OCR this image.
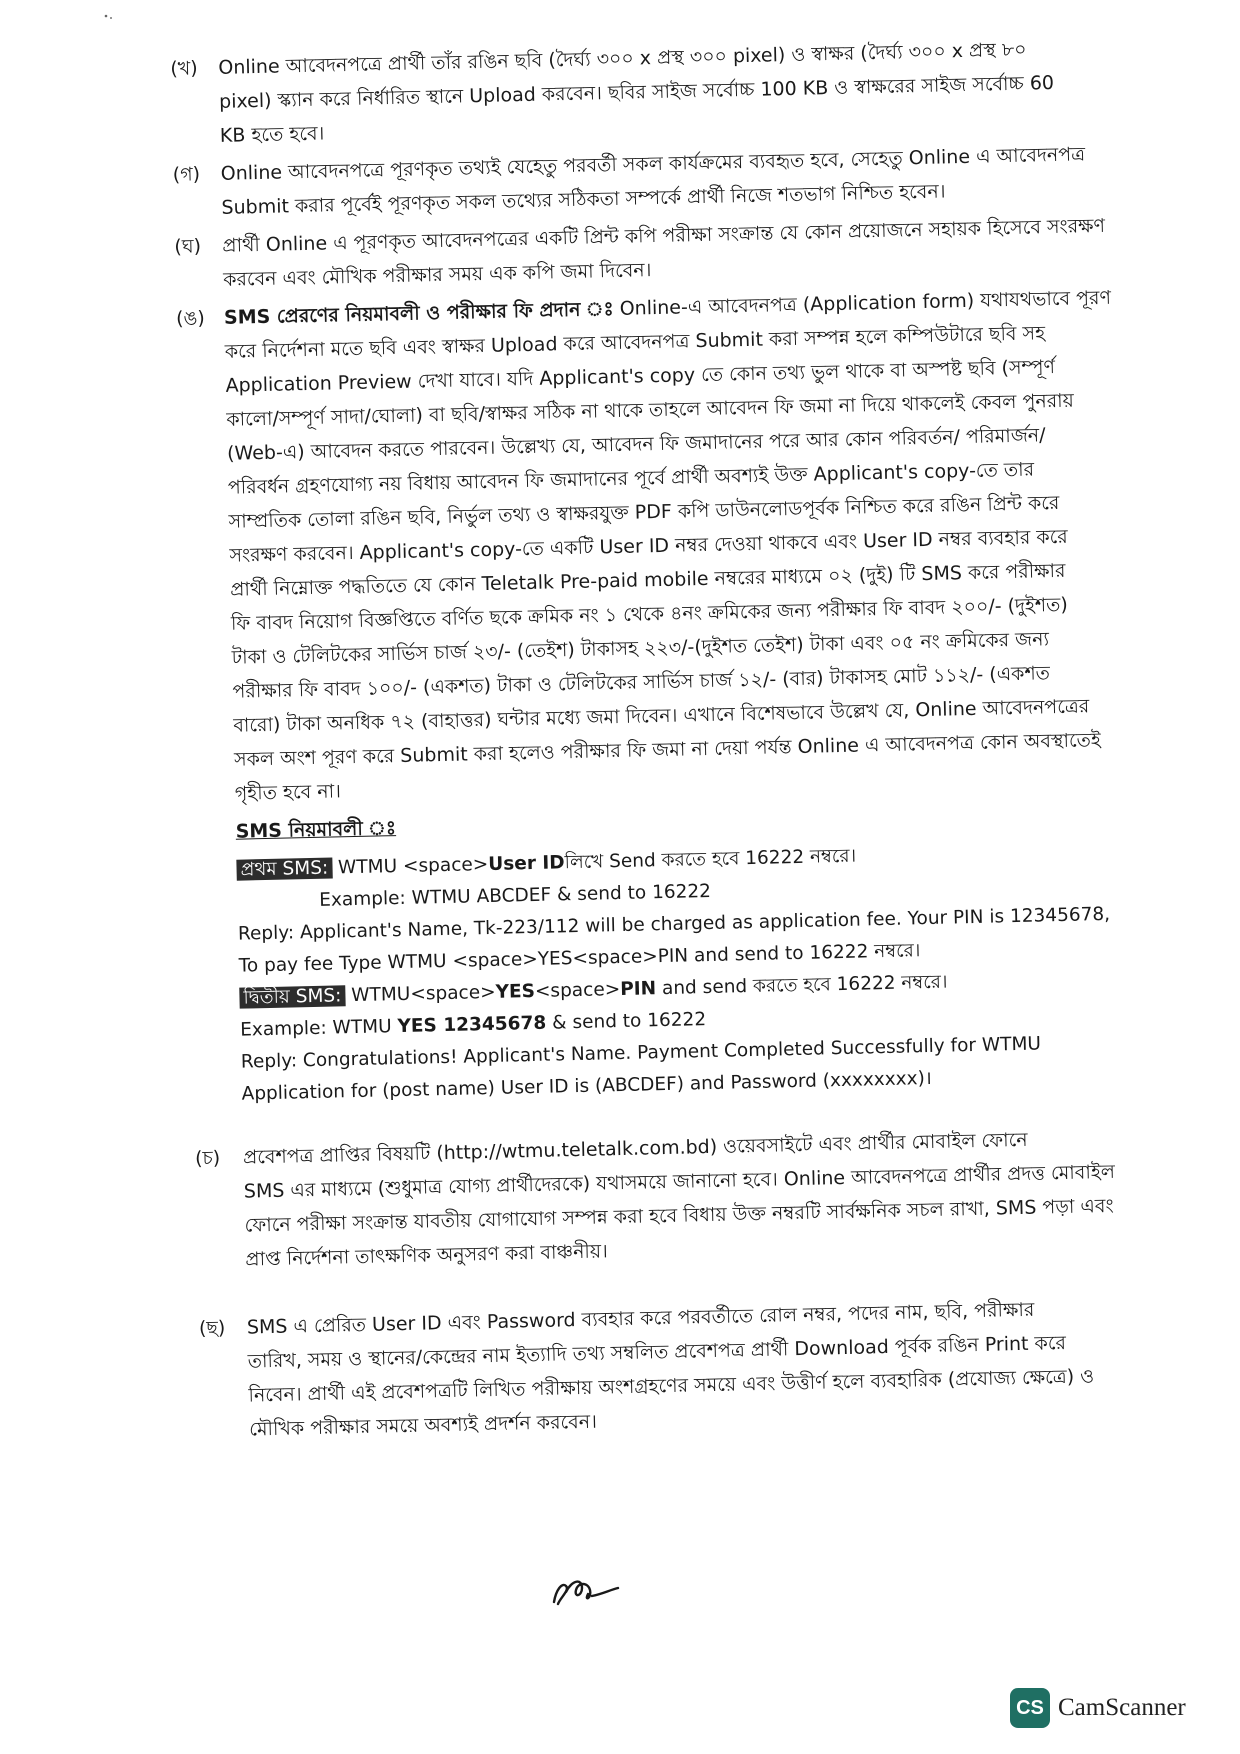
(খ) Online আবেদনপত্রে প্রার্থী তাঁর রঙিন ছবি (দৈর্ঘ্য ৩০০ x প্রস্থ ৩০০ pixel) ও স্বাক্ষর (দৈর্ঘ্য ৩০০ x প্রস্থ ৮০
pixel) স্ক্যান করে নির্ধারিত স্থানে Upload করবেন। ছবির সাইজ সর্বোচ্চ 100 KB ও স্বাক্ষরের সাইজ সর্বোচ্চ 60
KB হতে হবে।
(গ) Online আবেদনপত্রে পূরণকৃত তথ্যই যেহেতু পরবর্তী সকল কার্যক্রমের ব্যবহৃত হবে, সেহেতু Online এ আবেদনপত্র
Submit করার পূর্বেই পূরণকৃত সকল তথ্যের সঠিকতা সম্পর্কে প্রার্থী নিজে শতভাগ নিশ্চিত হবেন।
(ঘ) প্রার্থী Online এ পূরণকৃত আবেদনপত্রের একটি প্রিন্ট কপি পরীক্ষা সংক্রান্ত যে কোন প্রয়োজনে সহায়ক হিসেবে সংরক্ষণ
করবেন এবং মৌখিক পরীক্ষার সময় এক কপি জমা দিবেন।
(ঙ) SMS প্রেরণের নিয়মাবলী ও পরীক্ষার ফি প্রদান ঃ Online-এ আবেদনপত্র (Application form) যথাযথভাবে পূরণ
করে নির্দেশনা মতে ছবি এবং স্বাক্ষর Upload করে আবেদনপত্র Submit করা সম্পন্ন হলে কম্পিউটারে ছবি সহ
Application Preview দেখা যাবে। যদি Applicant's copy তে কোন তথ্য ভুল থাকে বা অস্পষ্ট ছবি (সম্পূর্ণ
কালো/সম্পূর্ণ সাদা/ঘোলা) বা ছবি/স্বাক্ষর সঠিক না থাকে তাহলে আবেদন ফি জমা না দিয়ে থাকলেই কেবল পুনরায়
(Web-এ) আবেদন করতে পারবেন। উল্লেখ্য যে, আবেদন ফি জমাদানের পরে আর কোন পরিবর্তন/ পরিমার্জন/
পরিবর্ধন গ্রহণযোগ্য নয় বিধায় আবেদন ফি জমাদানের পূর্বে প্রার্থী অবশ্যই উক্ত Applicant's copy-তে তার
সাম্প্রতিক তোলা রঙিন ছবি, নির্ভুল তথ্য ও স্বাক্ষরযুক্ত PDF কপি ডাউনলোডপূর্বক নিশ্চিত করে রঙিন প্রিন্ট করে
সংরক্ষণ করবেন। Applicant's copy-তে একটি User ID নম্বর দেওয়া থাকবে এবং User ID নম্বর ব্যবহার করে
প্রার্থী নিম্নোক্ত পদ্ধতিতে যে কোন Teletalk Pre-paid mobile নম্বরের মাধ্যমে ০২ (দুই) টি SMS করে পরীক্ষার
ফি বাবদ নিয়োগ বিজ্ঞপ্তিতে বর্ণিত ছকে ক্রমিক নং ১ থেকে ৪নং ক্রমিকের জন্য পরীক্ষার ফি বাবদ ২০০/- (দুইশত)
টাকা ও টেলিটকের সার্ভিস চার্জ ২৩/- (তেইশ) টাকাসহ ২২৩/-(দুইশত তেইশ) টাকা এবং ০৫ নং ক্রমিকের জন্য
পরীক্ষার ফি বাবদ ১০০/- (একশত) টাকা ও টেলিটকের সার্ভিস চার্জ ১২/- (বার) টাকাসহ মোট ১১২/- (একশত
বারো) টাকা অনধিক ৭২ (বাহাত্তর) ঘন্টার মধ্যে জমা দিবেন। এখানে বিশেষভাবে উল্লেখ যে, Online আবেদনপত্রের
সকল অংশ পূরণ করে Submit করা হলেও পরীক্ষার ফি জমা না দেয়া পর্যন্ত Online এ আবেদনপত্র কোন অবস্থাতেই
গৃহীত হবে না।
SMS নিয়মাবলী ঃ
প্রথম SMS: WTMU <space>User IDলিখে Send করতে হবে 16222 নম্বরে।
Example: WTMU ABCDEF & send to 16222
Reply: Applicant's Name, Tk-223/112 will be charged as application fee. Your PIN is 12345678,
To pay fee Type WTMU <space>YES<space>PIN and send to 16222 নম্বরে।
দ্বিতীয় SMS: WTMU<space>YES<space>PIN and send করতে হবে 16222 নম্বরে।
Example: WTMU YES 12345678 & send to 16222
Reply: Congratulations! Applicant's Name. Payment Completed Successfully for WTMU
Application for (post name) User ID is (ABCDEF) and Password (xxxxxxxx)।
(চ) প্রবেশপত্র প্রাপ্তির বিষয়টি (http://wtmu.teletalk.com.bd) ওয়েবসাইটে এবং প্রার্থীর মোবাইল ফোনে
SMS এর মাধ্যমে (শুধুমাত্র যোগ্য প্রার্থীদেরকে) যথাসময়ে জানানো হবে। Online আবেদনপত্রে প্রার্থীর প্রদত্ত মোবাইল
ফোনে পরীক্ষা সংক্রান্ত যাবতীয় যোগাযোগ সম্পন্ন করা হবে বিধায় উক্ত নম্বরটি সার্বক্ষনিক সচল রাখা, SMS পড়া এবং
প্রাপ্ত নির্দেশনা তাৎক্ষণিক অনুসরণ করা বাঞ্চনীয়।
(ছ) SMS এ প্রেরিত User ID এবং Password ব্যবহার করে পরবর্তীতে রোল নম্বর, পদের নাম, ছবি, পরীক্ষার
তারিখ, সময় ও স্থানের/কেন্দ্রের নাম ইত্যাদি তথ্য সম্বলিত প্রবেশপত্র প্রার্থী Download পূর্বক রঙিন Print করে
নিবেন। প্রার্থী এই প্রবেশপত্রটি লিখিত পরীক্ষায় অংশগ্রহণের সময়ে এবং উত্তীর্ণ হলে ব্যবহারিক (প্রযোজ্য ক্ষেত্রে) ও
মৌখিক পরীক্ষার সময়ে অবশ্যই প্রদর্শন করবেন।
CS CamScanner
